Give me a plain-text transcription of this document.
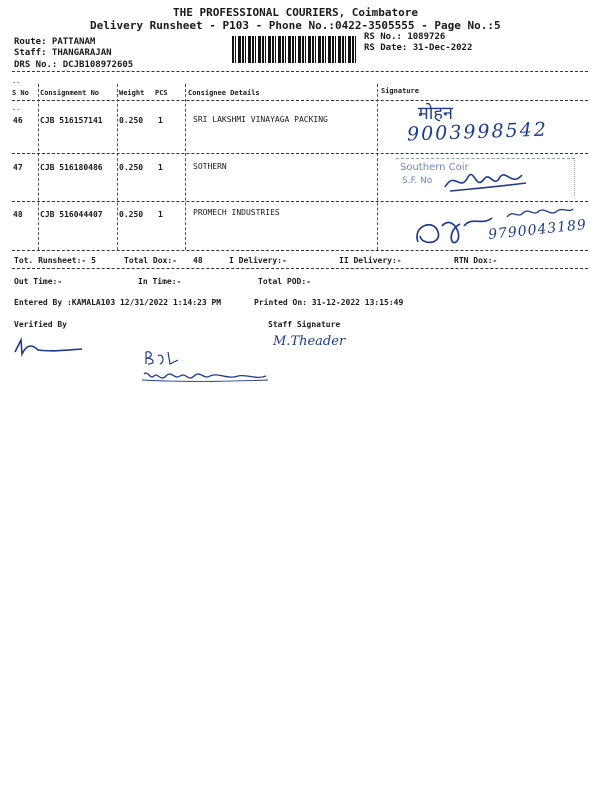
THE PROFESSIONAL COURIERS, Coimbatore
Delivery Runsheet - P103 - Phone No.:0422-3505555 - Page No.:5
Route: PATTANAM
Staff: THANGARAJAN
DRS No.: DCJB108972605
RS No.: 1089726
RS Date: 31-Dec-2022
--
S No Consignment No	Weight PCS	Consignee Details	Signature
--
46 CJB 516157141 0.250 1	SRI LAKSHMI VINAYAGA PACKING
47 CJB 516180486 0.250 1	SOTHERN
48 CJB 516044407 0.250 1	PROMECH INDUSTRIES
मोहन
9003998542
Southern Coir
S.F. No
9790043189
Tot. Runsheet:- 5	Total Dox:- 48	I Delivery:-	II Delivery:-	RTN Dox:-
Out Time:-	In Time:-	Total POD:-
Entered By :KAMALA103 12/31/2022 1:14:23 PM	Printed On: 31-12-2022 13:15:49
Verified By	Staff Signature
M.Theader
